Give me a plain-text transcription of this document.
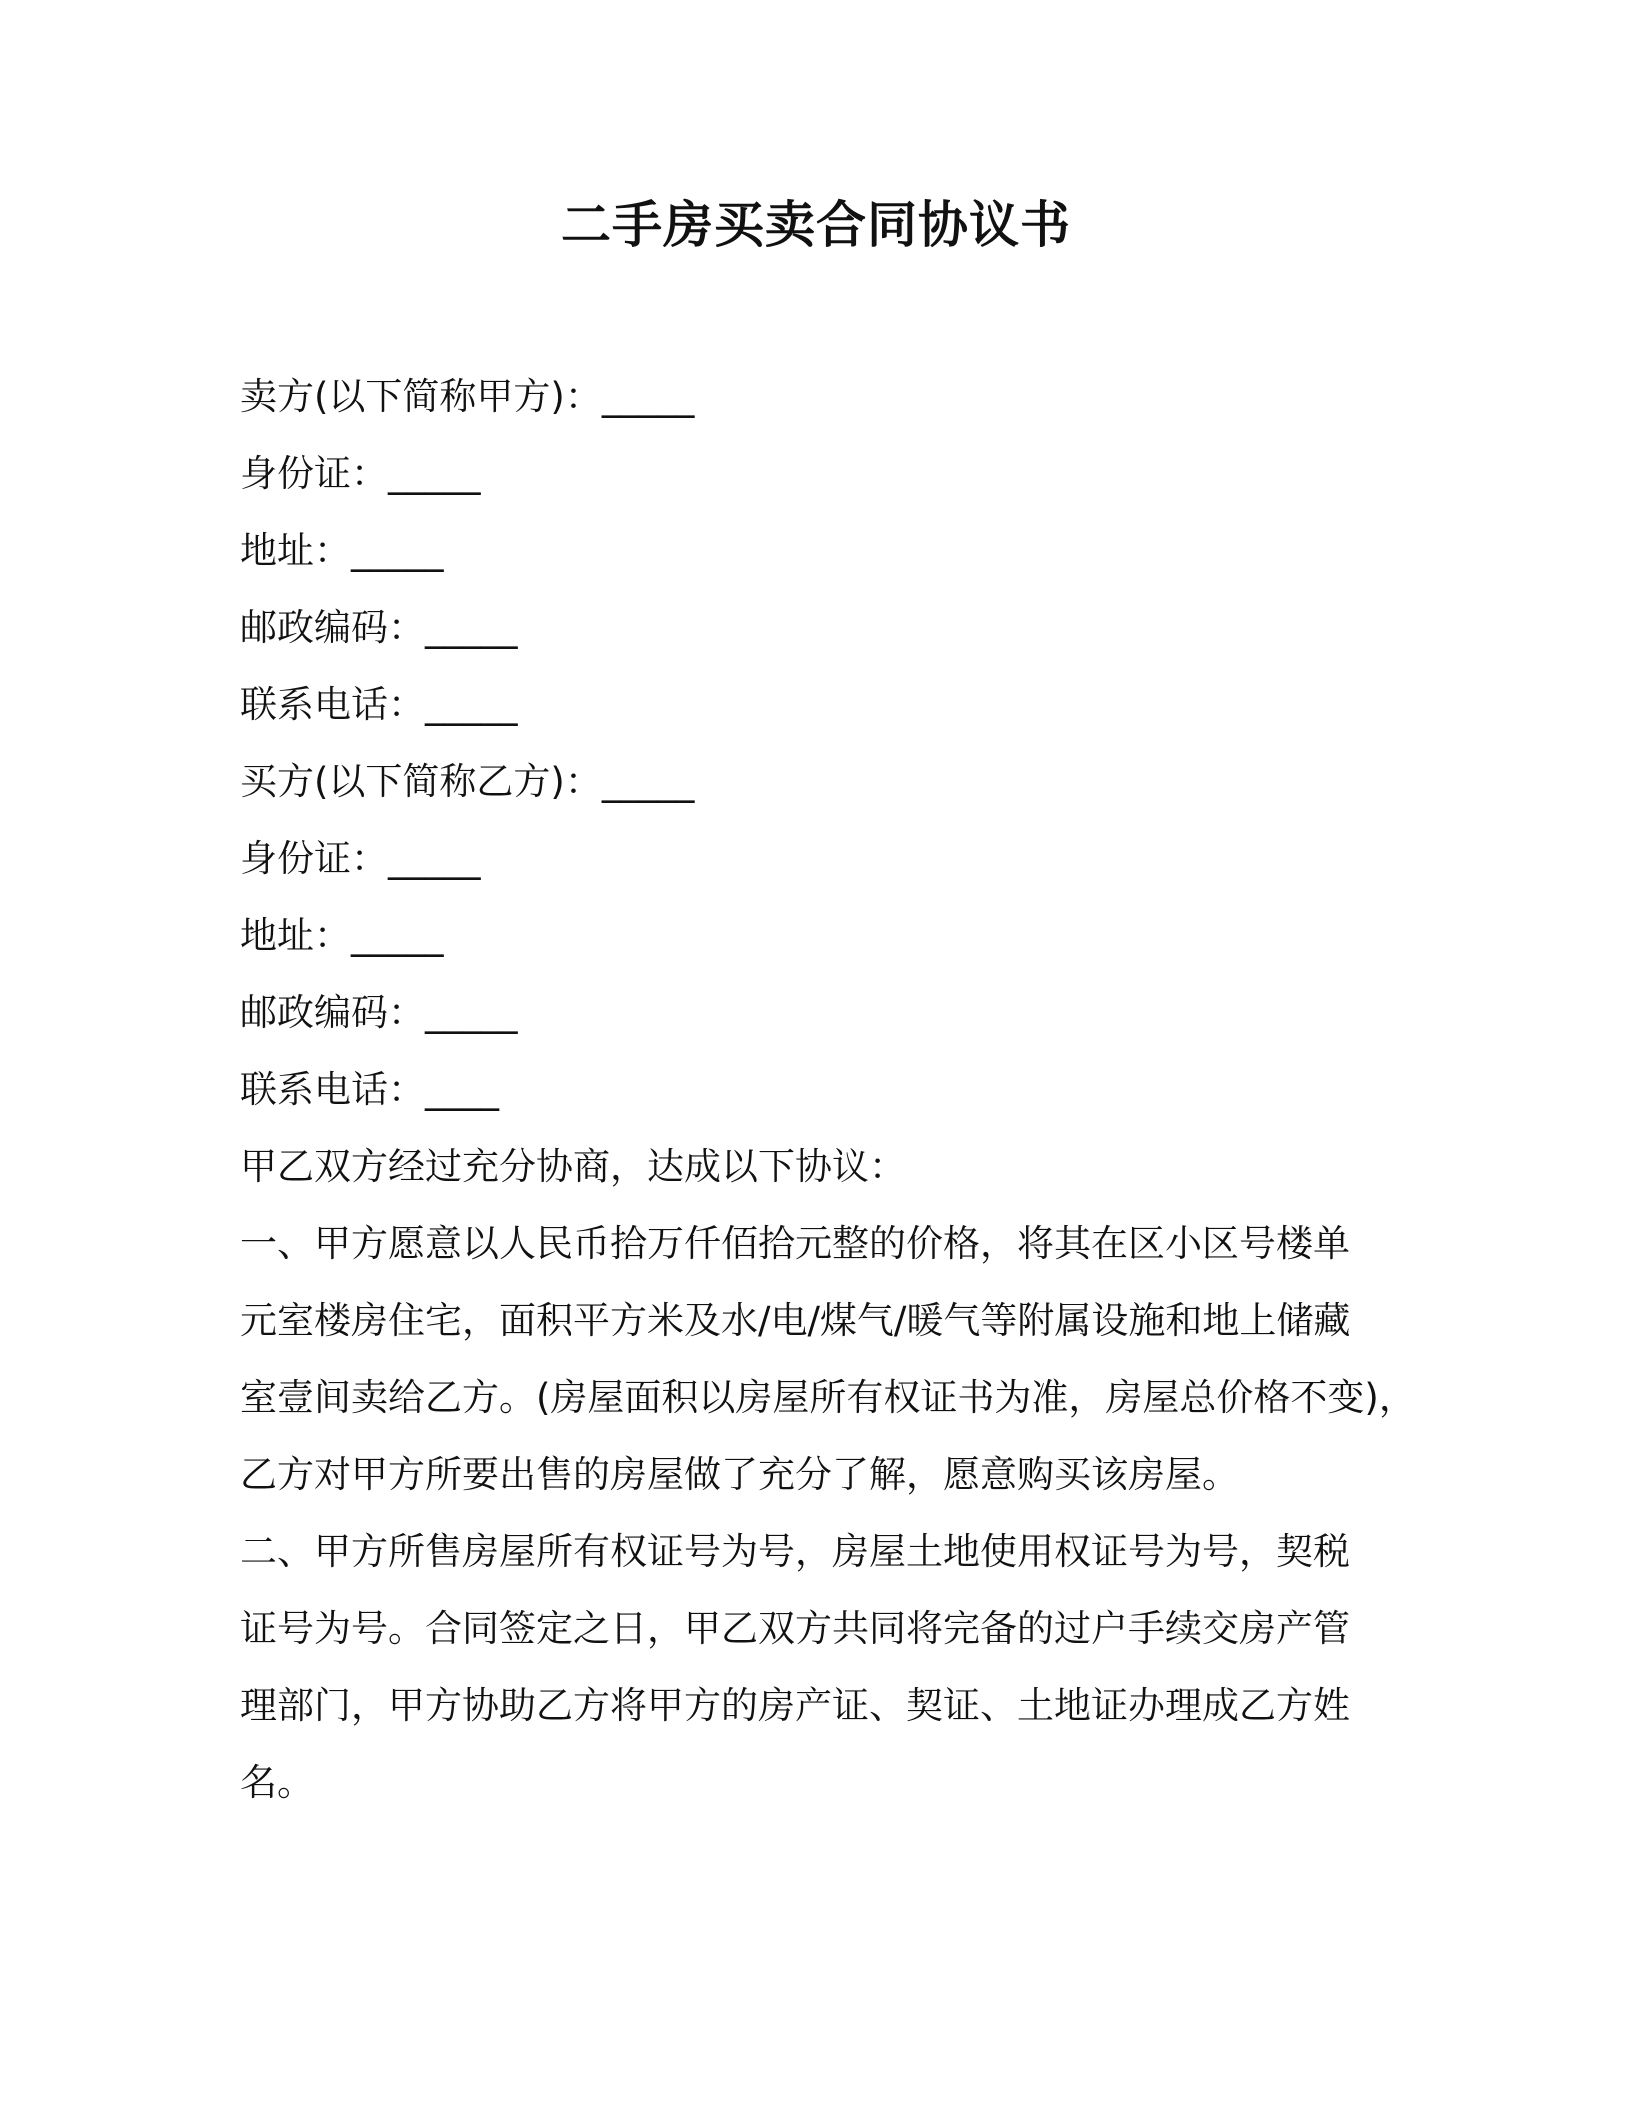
二手房买卖合同协议书
卖方(以下简称甲方)：_____
身份证：_____
地址：_____
邮政编码：_____
联系电话：_____
买方(以下简称乙方)：_____
身份证：_____
地址：_____
邮政编码：_____
联系电话：____
甲乙双方经过充分协商，达成以下协议：
一、甲方愿意以人民币拾万仟佰拾元整的价格，将其在区小区号楼单
元室楼房住宅，面积平方米及水/电/煤气/暖气等附属设施和地上储藏
室壹间卖给乙方。(房屋面积以房屋所有权证书为准，房屋总价格不变)，
乙方对甲方所要出售的房屋做了充分了解，愿意购买该房屋。
二、甲方所售房屋所有权证号为号，房屋土地使用权证号为号，契税
证号为号。合同签定之日，甲乙双方共同将完备的过户手续交房产管
理部门，甲方协助乙方将甲方的房产证、契证、土地证办理成乙方姓
名。
